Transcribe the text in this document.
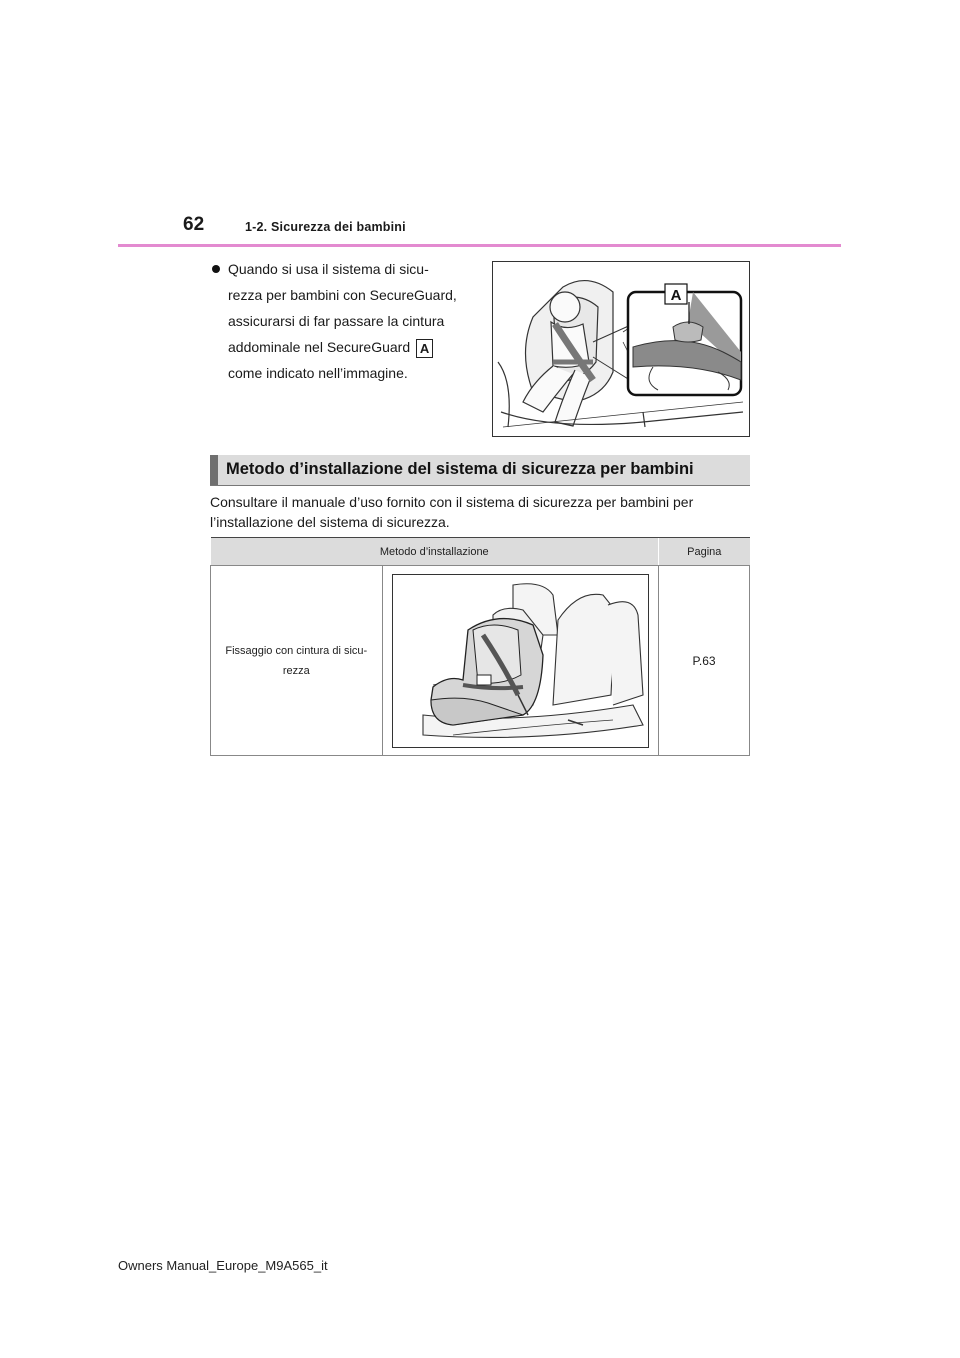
62	1-2. Sicurezza dei bambini
Quando si usa il sistema di sicu-
rezza per bambini con SecureGuard,
assicurarsi di far passare la cintura
addominale nel SecureGuard A
come indicato nell’immagine.
A
Metodo d’installazione del sistema di sicurezza per bambini
Consultare il manuale d’uso fornito con il sistema di sicurezza per bambini per
l’installazione del sistema di sicurezza.
Metodo d’installazione		Pagina

Fissaggio con cintura di sicu-
rezza		P.63
Owners Manual_Europe_M9A565_it
